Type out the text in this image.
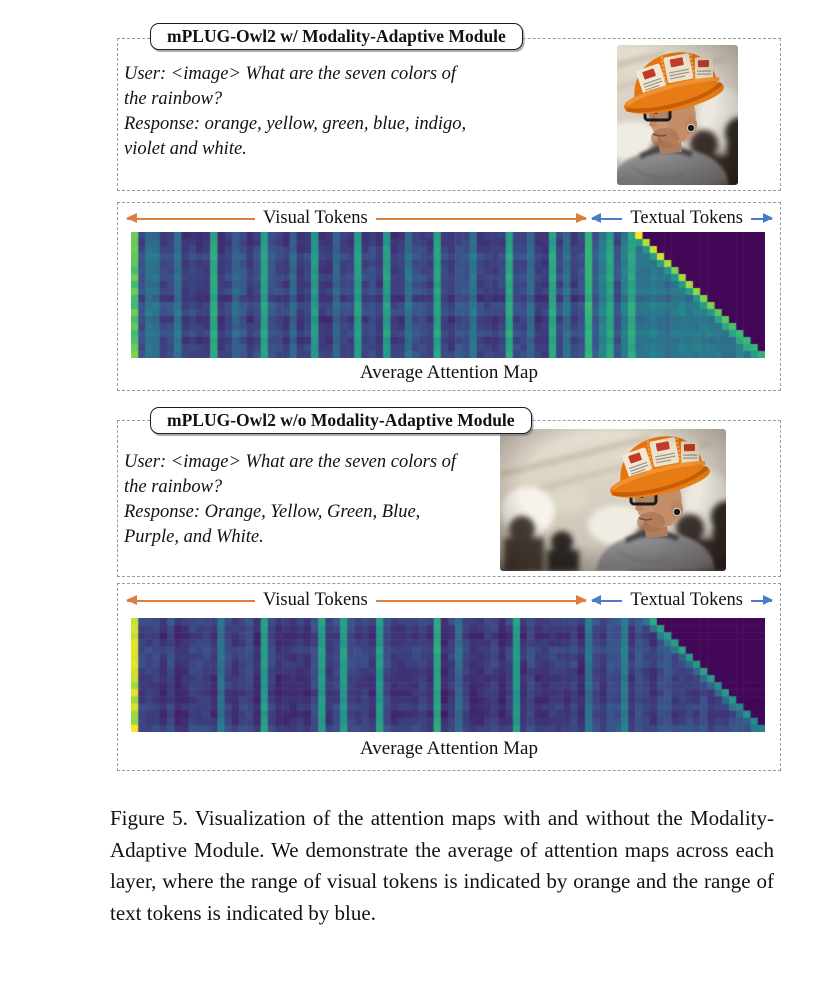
mPLUG-Owl2 w/ Modality-Adaptive Module
User: <image> What are the seven colors of
the rainbow?
Response: orange, yellow, green, blue, indigo,
violet and white.
Visual Tokens	Textual Tokens
Average Attention Map
mPLUG-Owl2 w/o Modality-Adaptive Module
User: <image> What are the seven colors of
the rainbow?
Response: Orange, Yellow, Green, Blue,
Purple, and White.
Visual Tokens	Textual Tokens
Average Attention Map
Figure 5. Visualization of the attention maps with and without the Modality-Adaptive Module. We demonstrate the average of attention maps across each layer, where the range of visual tokens is indicated by orange and the range of text tokens is indicated by blue.
